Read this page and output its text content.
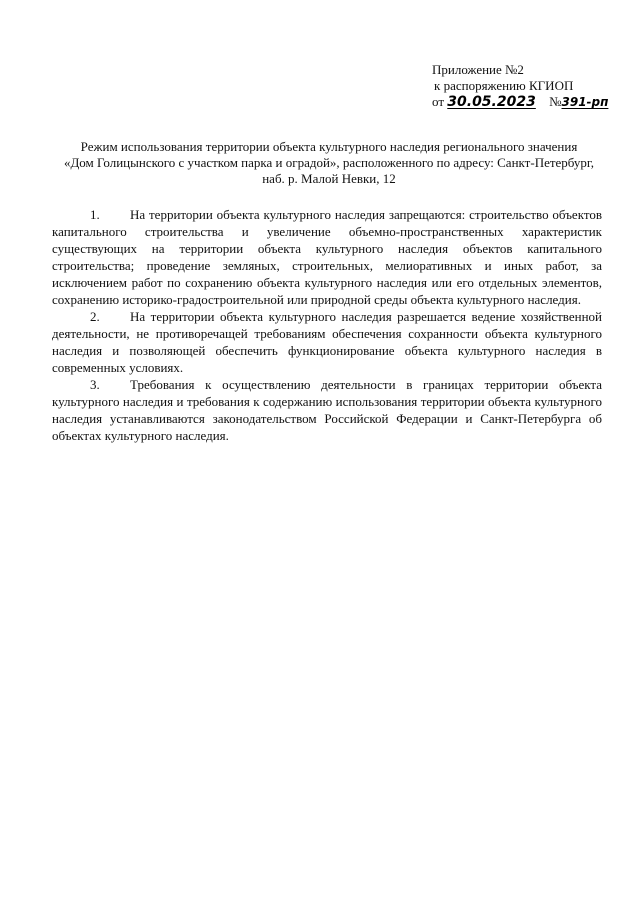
Приложение №2
к распоряжению КГИОП
от 30.05.2023 №391-рп
Режим использования территории объекта культурного наследия регионального значения
«Дом Голицынского с участком парка и оградой», расположенного по адресу: Санкт-Петербург,
наб. р. Малой Невки, 12

1. На территории объекта культурного наследия запрещаются: строительство объектов капитального строительства и увеличение объемно-пространственных характеристик существующих на территории объекта культурного наследия объектов капитального строительства; проведение земляных, строительных, мелиоративных и иных работ, за исключением работ по сохранению объекта культурного наследия или его отдельных элементов, сохранению историко-градостроительной или природной среды объекта культурного наследия.

2. На территории объекта культурного наследия разрешается ведение хозяйственной деятельности, не противоречащей требованиям обеспечения сохранности объекта культурного наследия и позволяющей обеспечить функционирование объекта культурного наследия в современных условиях.

3. Требования к осуществлению деятельности в границах территории объекта культурного наследия и требования к содержанию использования территории объекта культурного наследия устанавливаются законодательством Российской Федерации и Санкт-Петербурга об объектах культурного наследия.
